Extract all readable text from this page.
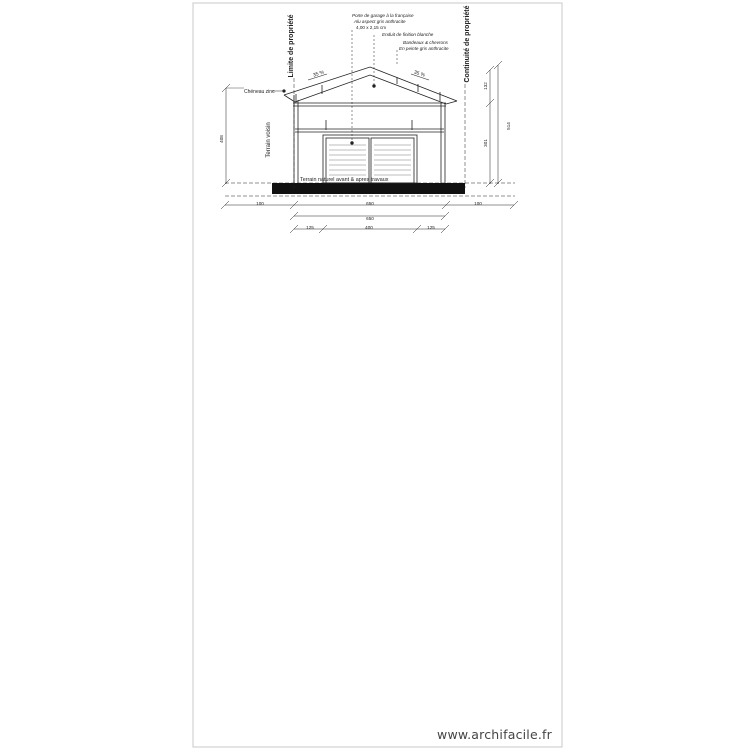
Limite de propriété	Continuité de propriété
Porte de garage à la française
Alu aspect gris anthracite
4,00 x 2,15 cm
Enduit de finition blanche
Bandeaux & chevrons
En peinte gris anthracite
Chéneau zinc
Terrain voisin
Terrain naturel avant & apres travaux
35 %	35 %
408
132
301
514
100	650	100
650
125	400	125
www.archifacile.fr
